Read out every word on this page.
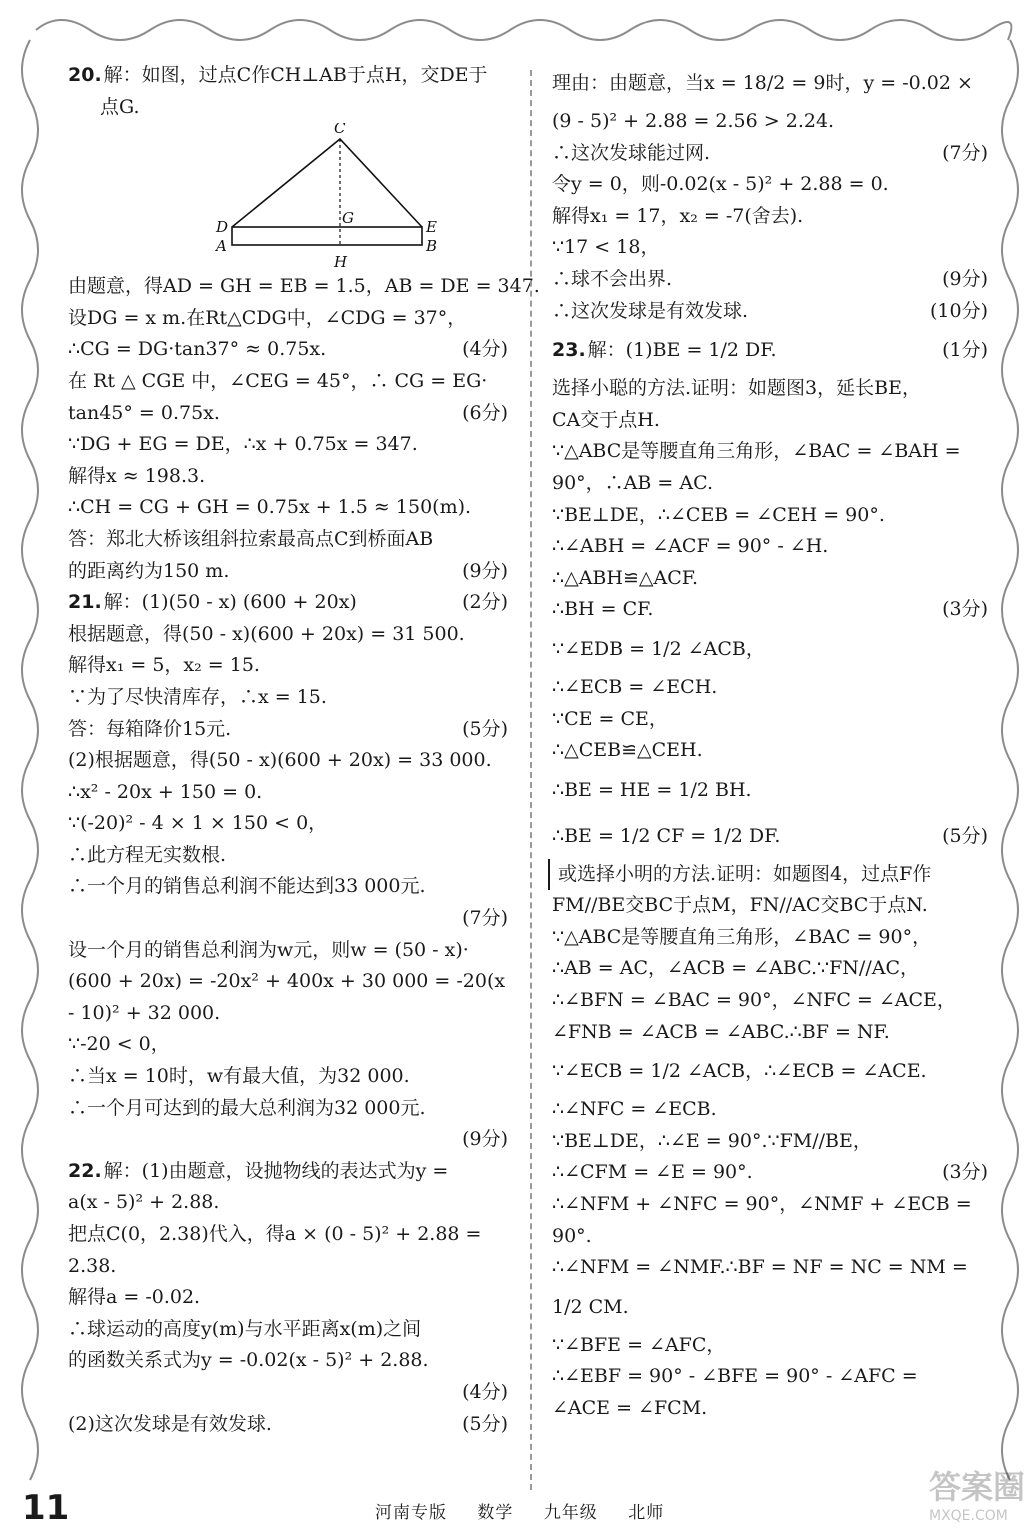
20. 解：如图，过点C作CH⊥AB于点H，交DE于
点G.
C
D
A
G	E
B
H
由题意，得AD = GH = EB = 1.5，AB = DE = 347.
设DG = x m.在Rt△CDG中，∠CDG = 37°，
∴CG = DG·tan37° ≈ 0.75x.	(4分)
在 Rt △ CGE 中，∠CEG = 45°，∴ CG = EG·
tan45° = 0.75x.	(6分)
∵DG + EG = DE，∴x + 0.75x = 347.
解得x ≈ 198.3.
∴CH = CG + GH = 0.75x + 1.5 ≈ 150(m).
答：郑北大桥该组斜拉索最高点C到桥面AB
的距离约为150 m.	(9分)
21. 解：(1)(50 - x) (600 + 20x)	(2分)
根据题意，得(50 - x)(600 + 20x) = 31 500.
解得x₁ = 5，x₂ = 15.
∵为了尽快清库存，∴x = 15.
答：每箱降价15元.	(5分)
(2)根据题意，得(50 - x)(600 + 20x) = 33 000.
∴x² - 20x + 150 = 0.
∵(-20)² - 4 × 1 × 150 < 0，
∴此方程无实数根.
∴一个月的销售总利润不能达到33 000元.
(7分)
设一个月的销售总利润为w元，则w = (50 - x)·
(600 + 20x) = -20x² + 400x + 30 000 = -20(x
- 10)² + 32 000.
∵-20 < 0，
∴当x = 10时，w有最大值，为32 000.
∴一个月可达到的最大总利润为32 000元.
(9分)
22. 解：(1)由题意，设抛物线的表达式为y =
a(x - 5)² + 2.88.
把点C(0，2.38)代入，得a × (0 - 5)² + 2.88 =
2.38.
解得a = -0.02.
∴球运动的高度y(m)与水平距离x(m)之间
的函数关系式为y = -0.02(x - 5)² + 2.88.
(4分)
(2)这次发球是有效发球.	(5分)
理由：由题意，当x = 18/2 = 9时，y = -0.02 ×
(9 - 5)² + 2.88 = 2.56 > 2.24.
∴这次发球能过网.	(7分)
令y = 0，则-0.02(x - 5)² + 2.88 = 0.
解得x₁ = 17，x₂ = -7(舍去).
∵17 < 18，
∴球不会出界.	(9分)
∴这次发球是有效发球.	(10分)
23. 解：(1)BE = 1/2 DF.	(1分)
选择小聪的方法.证明：如题图3，延长BE，
CA交于点H.
∵△ABC是等腰直角三角形，∠BAC = ∠BAH =
90°，∴AB = AC.
∵BE⊥DE，∴∠CEB = ∠CEH = 90°.
∴∠ABH = ∠ACF = 90° - ∠H.
∴△ABH≌△ACF.
∴BH = CF.	(3分)
∵∠EDB = 1/2 ∠ACB，
∴∠ECB = ∠ECH.
∵CE = CE，
∴△CEB≌△CEH.
∴BE = HE = 1/2 BH.
∴BE = 1/2 CF = 1/2 DF.	(5分)
或选择小明的方法.证明：如题图4，过点F作
FM//BE交BC于点M，FN//AC交BC于点N.
∵△ABC是等腰直角三角形，∠BAC = 90°，
∴AB = AC，∠ACB = ∠ABC.∵FN//AC，
∴∠BFN = ∠BAC = 90°，∠NFC = ∠ACE，
∠FNB = ∠ACB = ∠ABC.∴BF = NF.
∵∠ECB = 1/2 ∠ACB，∴∠ECB = ∠ACE.
∴∠NFC = ∠ECB.
∵BE⊥DE，∴∠E = 90°.∵FM//BE，
∴∠CFM = ∠E = 90°.	(3分)
∴∠NFM + ∠NFC = 90°，∠NMF + ∠ECB =
90°.
∴∠NFM = ∠NMF.∴BF = NF = NC = NM =
1/2 CM.
∵∠BFE = ∠AFC，
∴∠EBF = 90° - ∠BFE = 90° - ∠AFC =
∠ACE = ∠FCM.
11	河南专版 数学 九年级 北师
答案圈
MXQE.COM
